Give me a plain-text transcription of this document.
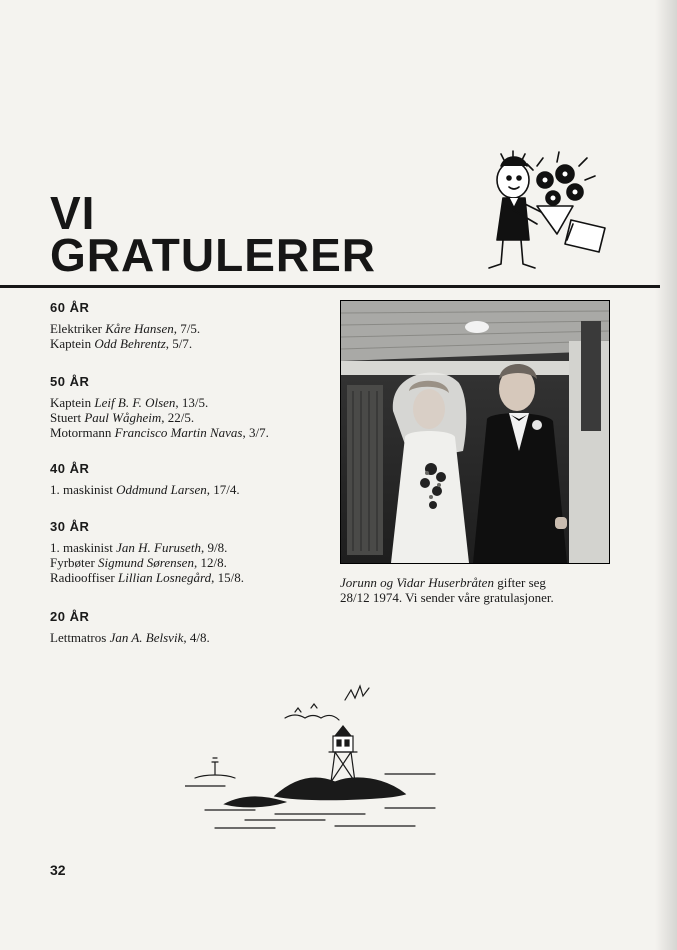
VI
GRATULERER

60 ÅR

Elektriker Kåre Hansen, 7/5.

Kaptein Odd Behrentz, 5/7.

50 ÅR

Kaptein Leif B. F. Olsen, 13/5.

Stuert Paul Wågheim, 22/5.

Motormann Francisco Martin Navas, 3/7.

40 ÅR

1. maskinist Oddmund Larsen, 17/4.

30 ÅR

1. maskinist Jan H. Furuseth, 9/8.

Fyrbøter Sigmund Sørensen, 12/8.

Radiooffiser Lillian Losnegård, 15/8.

20 ÅR

Lettmatros Jan A. Belsvik, 4/8.

Jorunn og Vidar Huserbråten gifter seg
28/12 1974. Vi sender våre gratulasjoner.

32
